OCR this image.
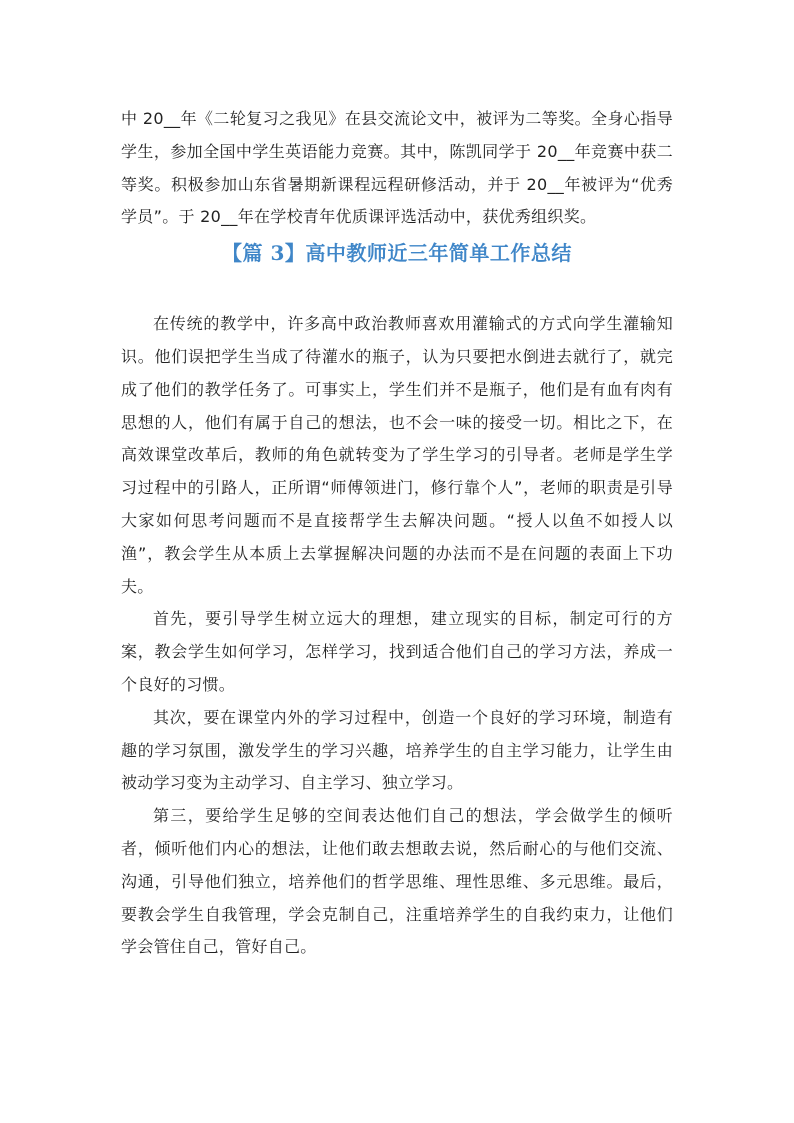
中 20__年《二轮复习之我见》在县交流论文中，被评为二等奖。全身心指导学生，参加全国中学生英语能力竞赛。其中，陈凯同学于 20__年竞赛中获二等奖。积极参加山东省暑期新课程远程研修活动，并于 20__年被评为“优秀学员”。于 20__年在学校青年优质课评选活动中，获优秀组织奖。

【篇 3】高中教师近三年简单工作总结

在传统的教学中，许多高中政治教师喜欢用灌输式的方式向学生灌输知识。他们误把学生当成了待灌水的瓶子，认为只要把水倒进去就行了，就完成了他们的教学任务了。可事实上，学生们并不是瓶子，他们是有血有肉有思想的人，他们有属于自己的想法，也不会一味的接受一切。相比之下，在高效课堂改革后，教师的角色就转变为了学生学习的引导者。老师是学生学习过程中的引路人，正所谓“师傅领进门，修行靠个人”，老师的职责是引导大家如何思考问题而不是直接帮学生去解决问题。“授人以鱼不如授人以渔”，教会学生从本质上去掌握解决问题的办法而不是在问题的表面上下功夫。

首先，要引导学生树立远大的理想，建立现实的目标，制定可行的方案，教会学生如何学习，怎样学习，找到适合他们自己的学习方法，养成一个良好的习惯。

其次，要在课堂内外的学习过程中，创造一个良好的学习环境，制造有趣的学习氛围，激发学生的学习兴趣，培养学生的自主学习能力，让学生由被动学习变为主动学习、自主学习、独立学习。

第三，要给学生足够的空间表达他们自己的想法，学会做学生的倾听者，倾听他们内心的想法，让他们敢去想敢去说，然后耐心的与他们交流、沟通，引导他们独立，培养他们的哲学思维、理性思维、多元思维。最后，要教会学生自我管理，学会克制自己，注重培养学生的自我约束力，让他们学会管住自己，管好自己。
